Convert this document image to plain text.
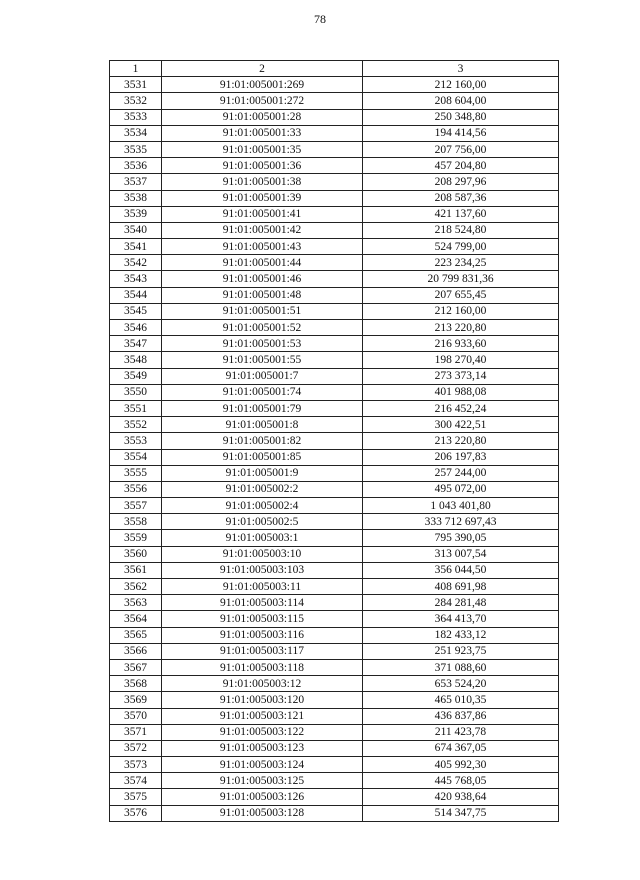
78
1	2	3
3531	91:01:005001:269	212 160,00
3532	91:01:005001:272	208 604,00
3533	91:01:005001:28	250 348,80
3534	91:01:005001:33	194 414,56
3535	91:01:005001:35	207 756,00
3536	91:01:005001:36	457 204,80
3537	91:01:005001:38	208 297,96
3538	91:01:005001:39	208 587,36
3539	91:01:005001:41	421 137,60
3540	91:01:005001:42	218 524,80
3541	91:01:005001:43	524 799,00
3542	91:01:005001:44	223 234,25
3543	91:01:005001:46	20 799 831,36
3544	91:01:005001:48	207 655,45
3545	91:01:005001:51	212 160,00
3546	91:01:005001:52	213 220,80
3547	91:01:005001:53	216 933,60
3548	91:01:005001:55	198 270,40
3549	91:01:005001:7	273 373,14
3550	91:01:005001:74	401 988,08
3551	91:01:005001:79	216 452,24
3552	91:01:005001:8	300 422,51
3553	91:01:005001:82	213 220,80
3554	91:01:005001:85	206 197,83
3555	91:01:005001:9	257 244,00
3556	91:01:005002:2	495 072,00
3557	91:01:005002:4	1 043 401,80
3558	91:01:005002:5	333 712 697,43
3559	91:01:005003:1	795 390,05
3560	91:01:005003:10	313 007,54
3561	91:01:005003:103	356 044,50
3562	91:01:005003:11	408 691,98
3563	91:01:005003:114	284 281,48
3564	91:01:005003:115	364 413,70
3565	91:01:005003:116	182 433,12
3566	91:01:005003:117	251 923,75
3567	91:01:005003:118	371 088,60
3568	91:01:005003:12	653 524,20
3569	91:01:005003:120	465 010,35
3570	91:01:005003:121	436 837,86
3571	91:01:005003:122	211 423,78
3572	91:01:005003:123	674 367,05
3573	91:01:005003:124	405 992,30
3574	91:01:005003:125	445 768,05
3575	91:01:005003:126	420 938,64
3576	91:01:005003:128	514 347,75
